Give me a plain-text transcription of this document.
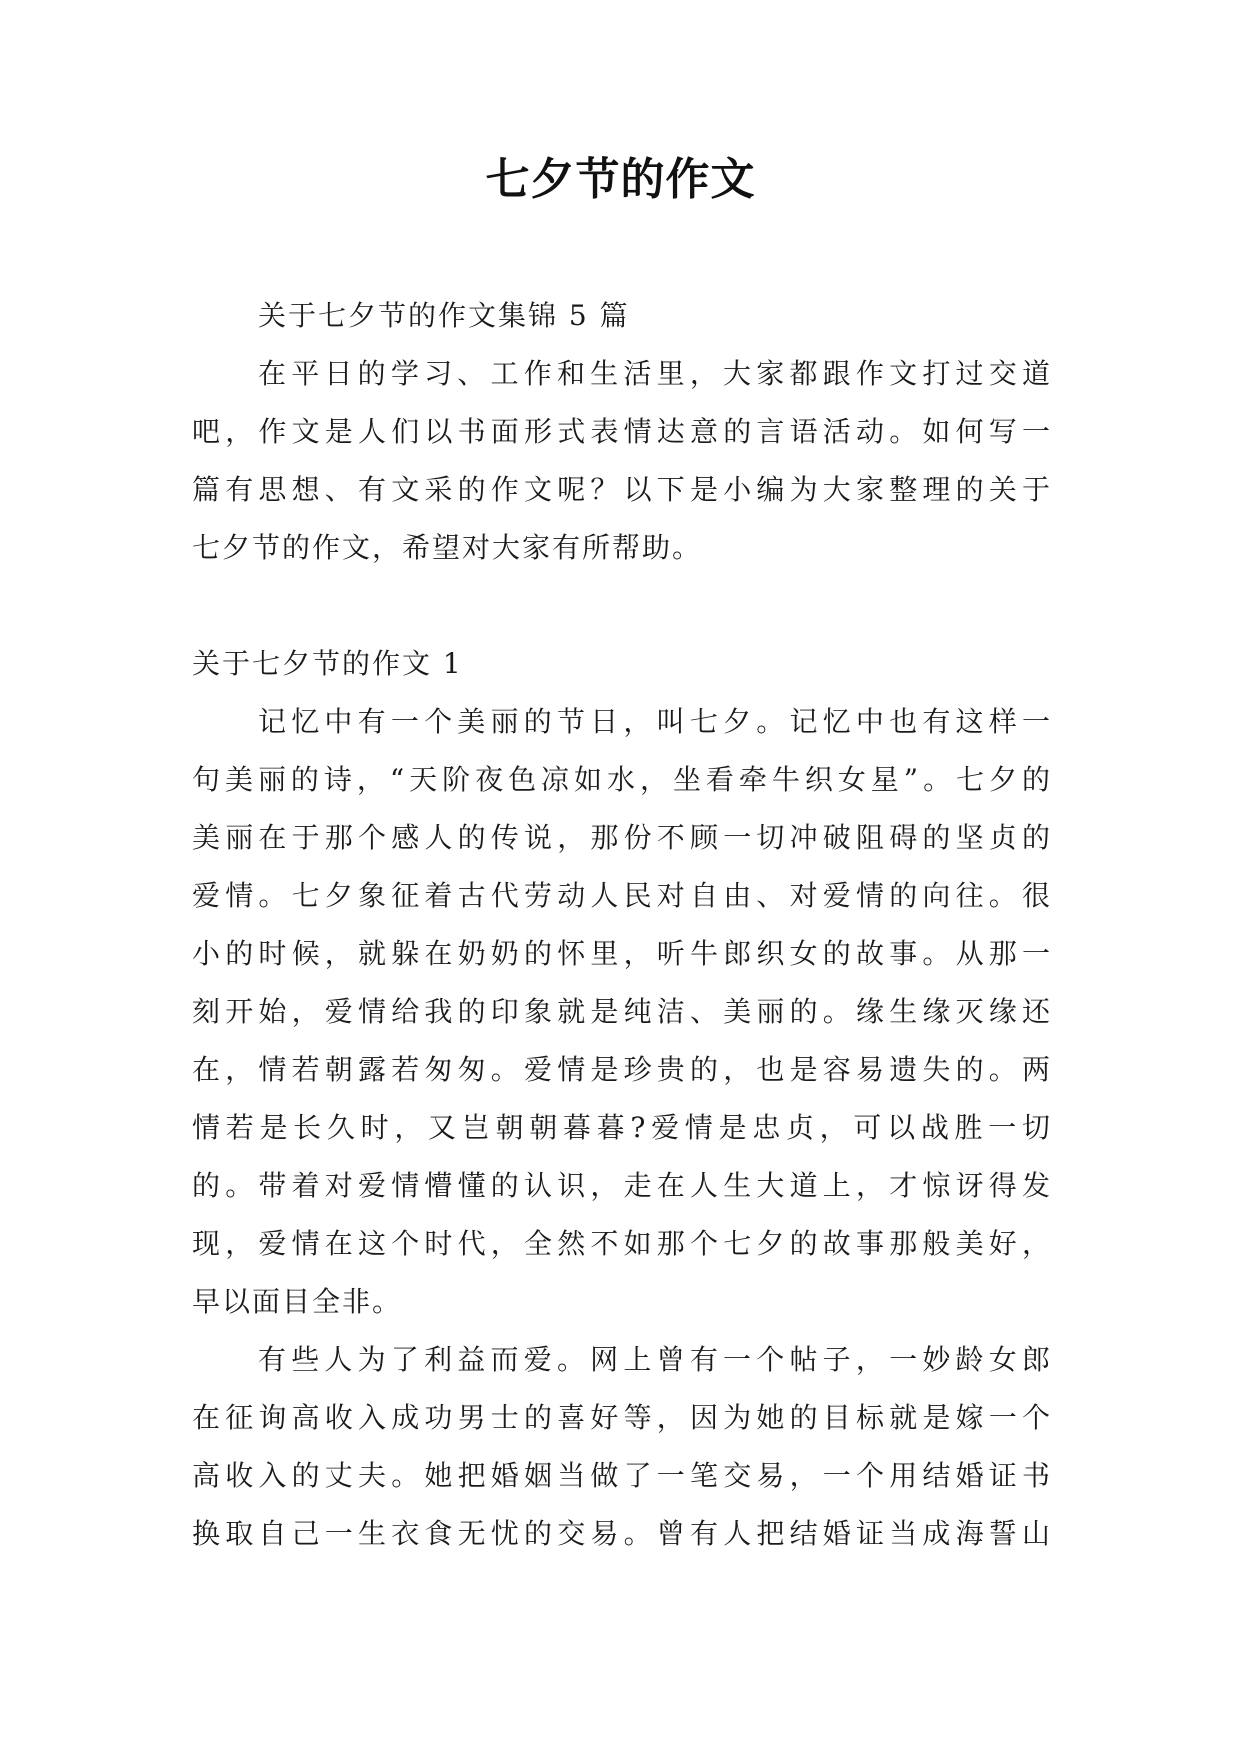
七夕节的作文
关于七夕节的作文集锦 5 篇
在平日的学习、工作和生活里，大家都跟作文打过交道
吧，作文是人们以书面形式表情达意的言语活动。如何写一
篇有思想、有文采的作文呢？以下是小编为大家整理的关于
七夕节的作文，希望对大家有所帮助。
关于七夕节的作文 1
记忆中有一个美丽的节日，叫七夕。记忆中也有这样一
句美丽的诗，“天阶夜色凉如水，坐看牵牛织女星”。七夕的
美丽在于那个感人的传说，那份不顾一切冲破阻碍的坚贞的
爱情。七夕象征着古代劳动人民对自由、对爱情的向往。很
小的时候，就躲在奶奶的怀里，听牛郎织女的故事。从那一
刻开始，爱情给我的印象就是纯洁、美丽的。缘生缘灭缘还
在，情若朝露若匆匆。爱情是珍贵的，也是容易遗失的。两
情若是长久时，又岂朝朝暮暮?爱情是忠贞，可以战胜一切
的。带着对爱情懵懂的认识，走在人生大道上，才惊讶得发
现，爱情在这个时代，全然不如那个七夕的故事那般美好，
早以面目全非。
有些人为了利益而爱。网上曾有一个帖子，一妙龄女郎
在征询高收入成功男士的喜好等，因为她的目标就是嫁一个
高收入的丈夫。她把婚姻当做了一笔交易，一个用结婚证书
换取自己一生衣食无忧的交易。曾有人把结婚证当成海誓山
